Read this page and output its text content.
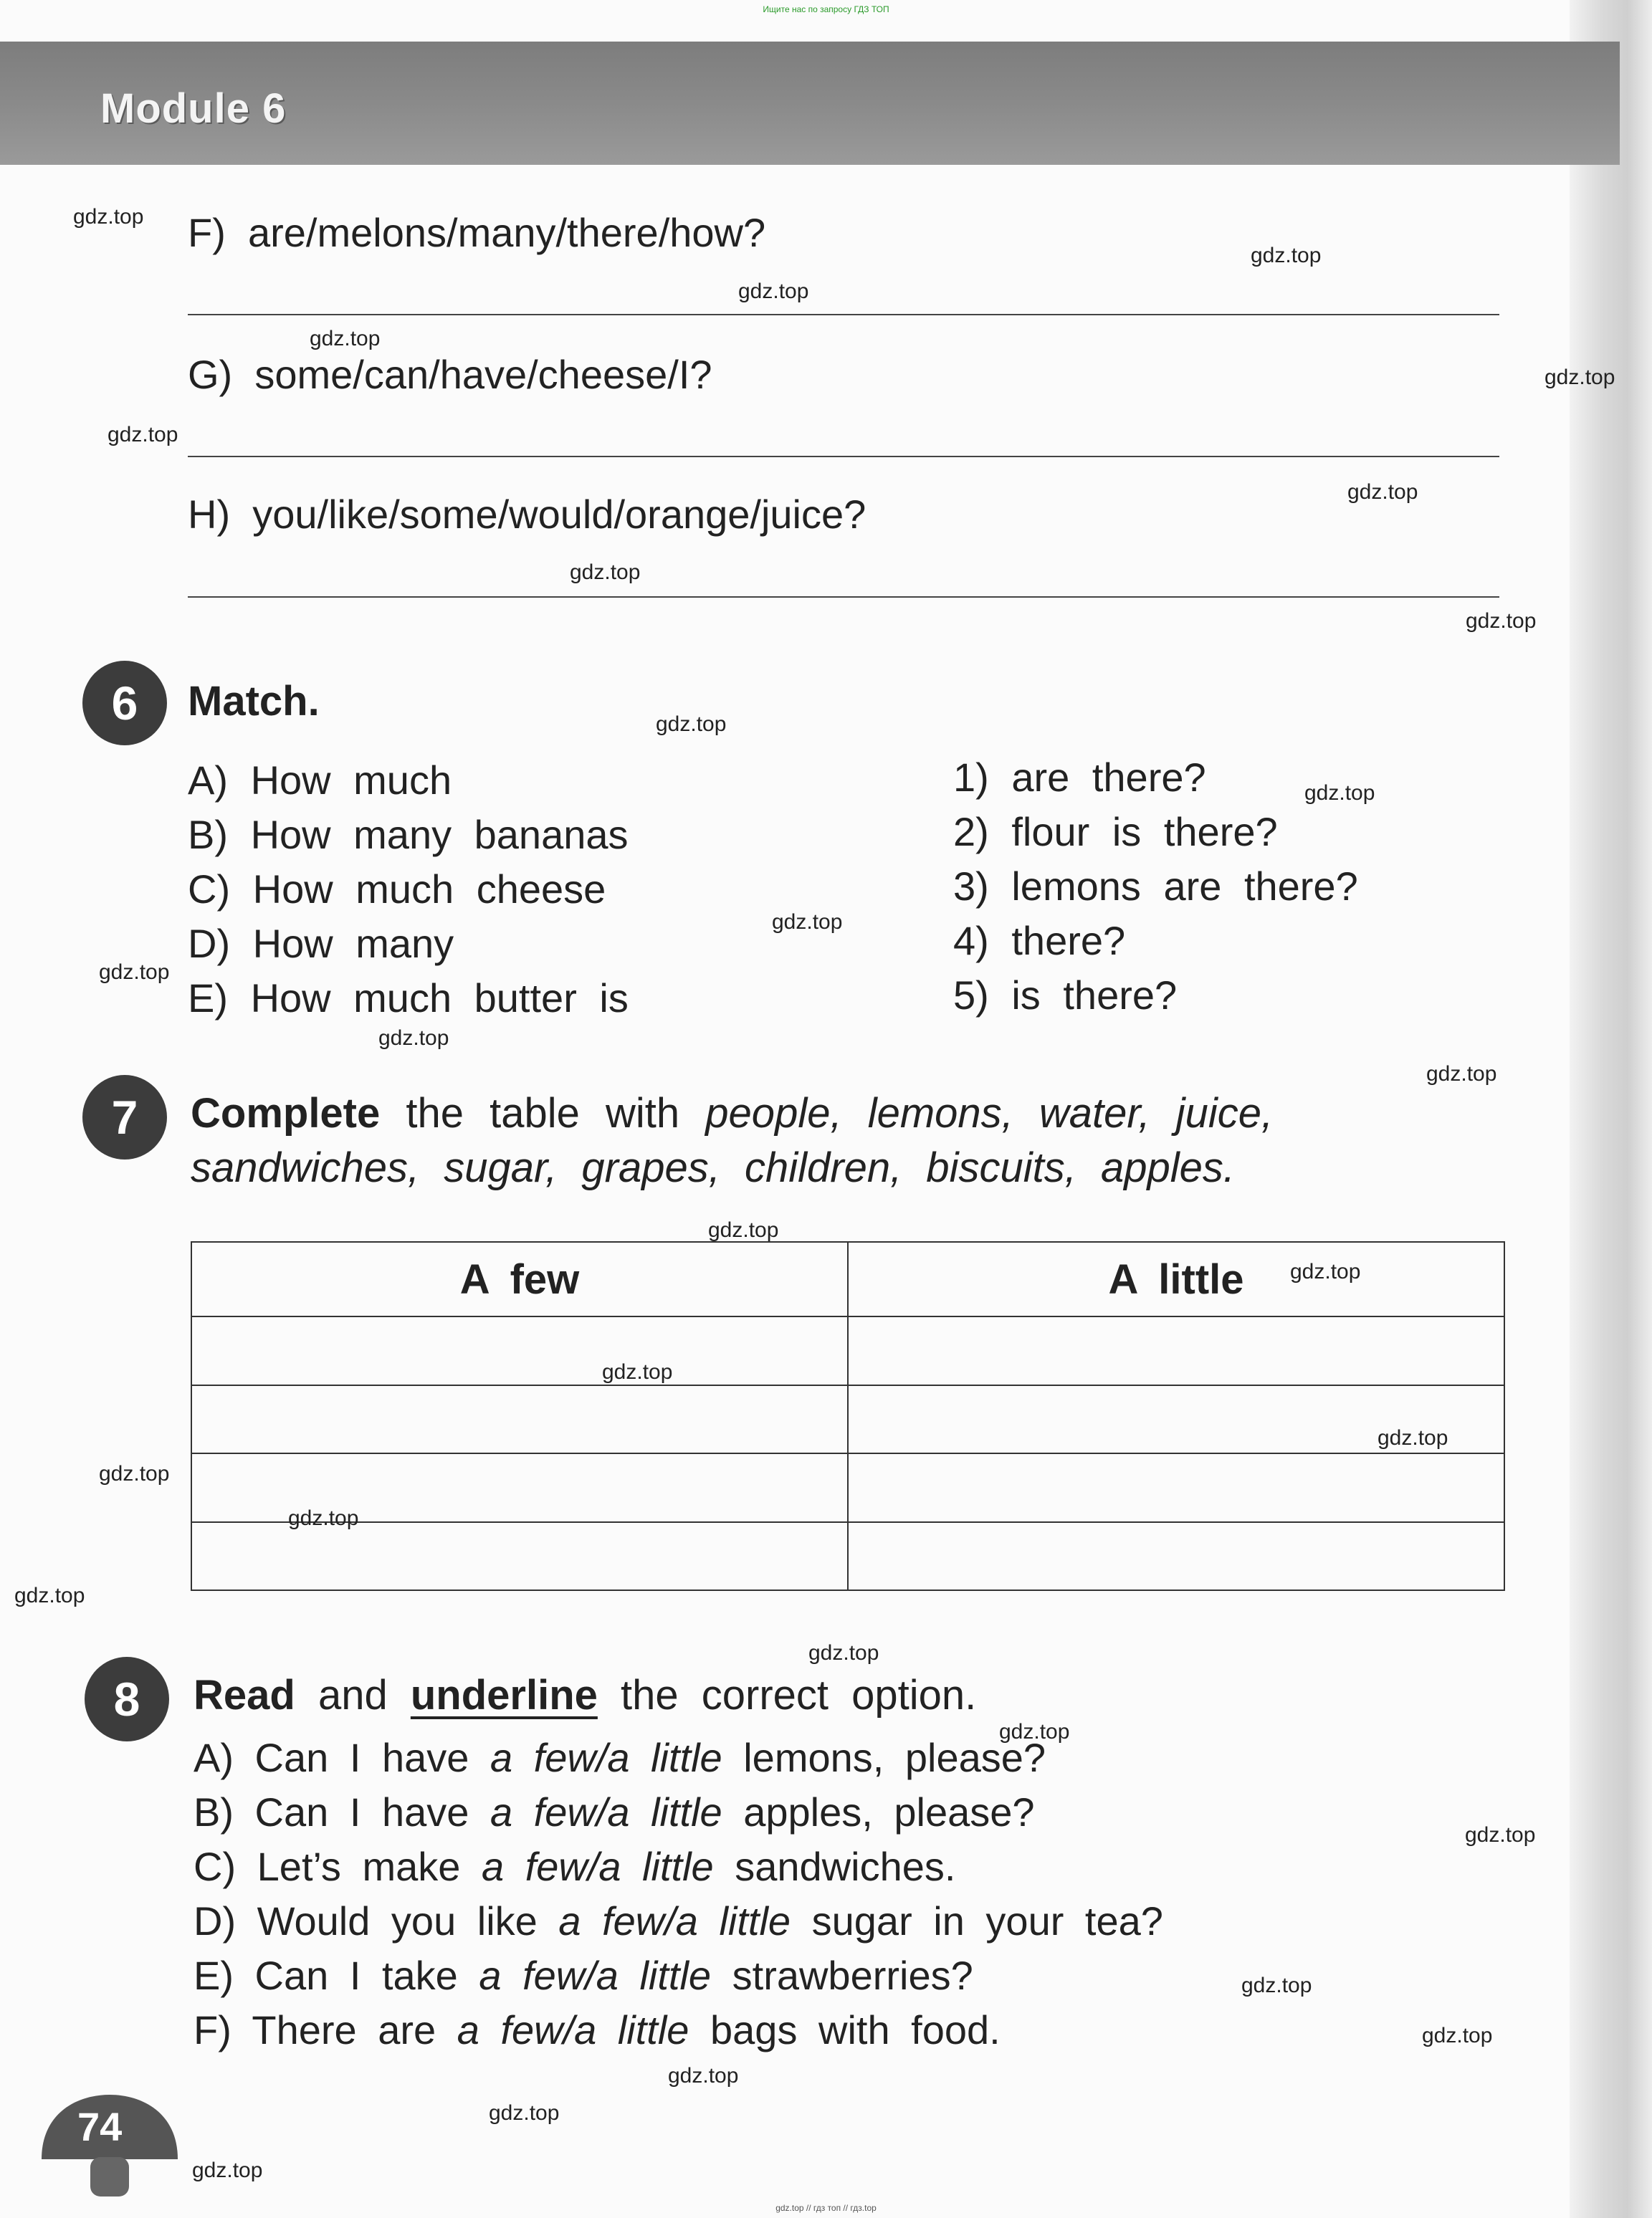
Ищите нас по запросу ГДЗ ТОП
Module 6
F) are/melons/many/there/how?
G) some/can/have/cheese/I?
H) you/like/some/would/orange/juice?
6	Match.
A) How much
B) How many bananas
C) How much cheese
D) How many
E) How much butter is
1) are there?
2) flour is there?
3) lemons are there?
4) there?
5) is there?
7	Complete the table with people, lemons, water, juice,
sandwiches, sugar, grapes, children, biscuits, apples.
A few	A little

8	Read and underline the correct option.
A) Can I have a few/a little lemons, please?
B) Can I have a few/a little apples, please?
C) Let’s make a few/a little sandwiches.
D) Would you like a few/a little sugar in your tea?
E) Can I take a few/a little strawberries?
F) There are a few/a little bags with food.
74
gdz.top
gdz.top
gdz.top
gdz.top
gdz.top
gdz.top
gdz.top
gdz.top
gdz.top
gdz.top
gdz.top
gdz.top
gdz.top
gdz.top
gdz.top
gdz.top
gdz.top
gdz.top
gdz.top
gdz.top
gdz.top
gdz.top
gdz.top
gdz.top
gdz.top
gdz.top
gdz.top
gdz.top
gdz.top
gdz.top
gdz.top // гдз топ // гдз.top
